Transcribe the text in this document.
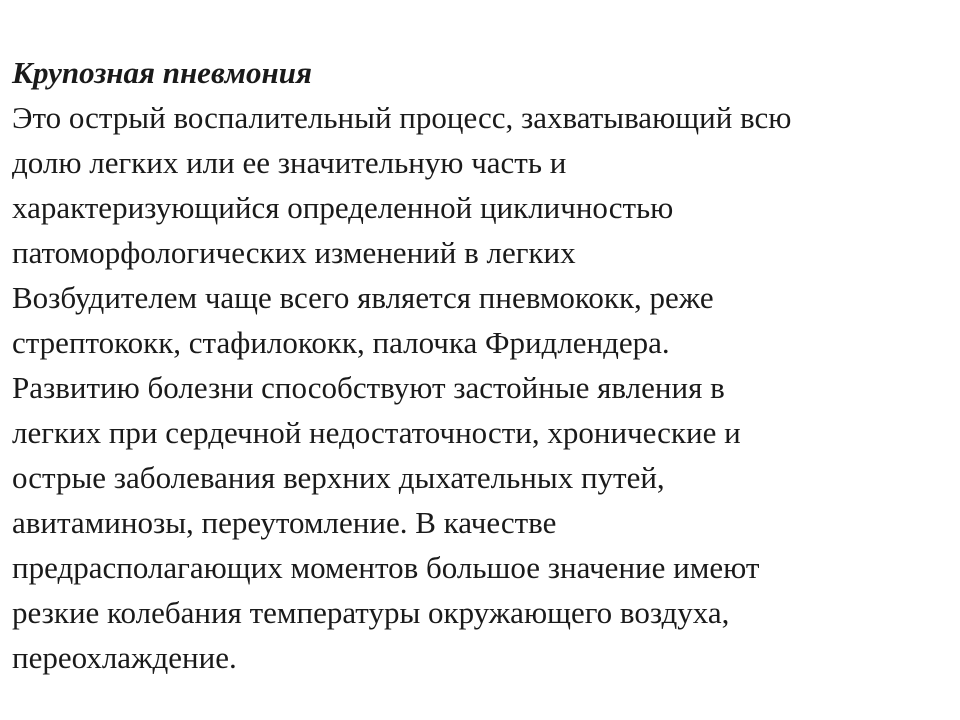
Крупозная пневмония
Это острый воспалительный процесс, захватывающий всю
долю легких или ее значительную часть и
характеризующийся определенной цикличностью
патоморфологических изменений в легких
Возбудителем чаще всего является пневмококк, реже
стрептококк, стафилококк, палочка Фридлендера.
Развитию болезни способствуют застойные явления в
легких при сердечной недостаточности, хронические и
острые заболевания верхних дыхательных путей,
авитаминозы, переутомление. В качестве
предрасполагающих моментов большое значение имеют
резкие колебания температуры окружающего воздуха,
переохлаждение.
